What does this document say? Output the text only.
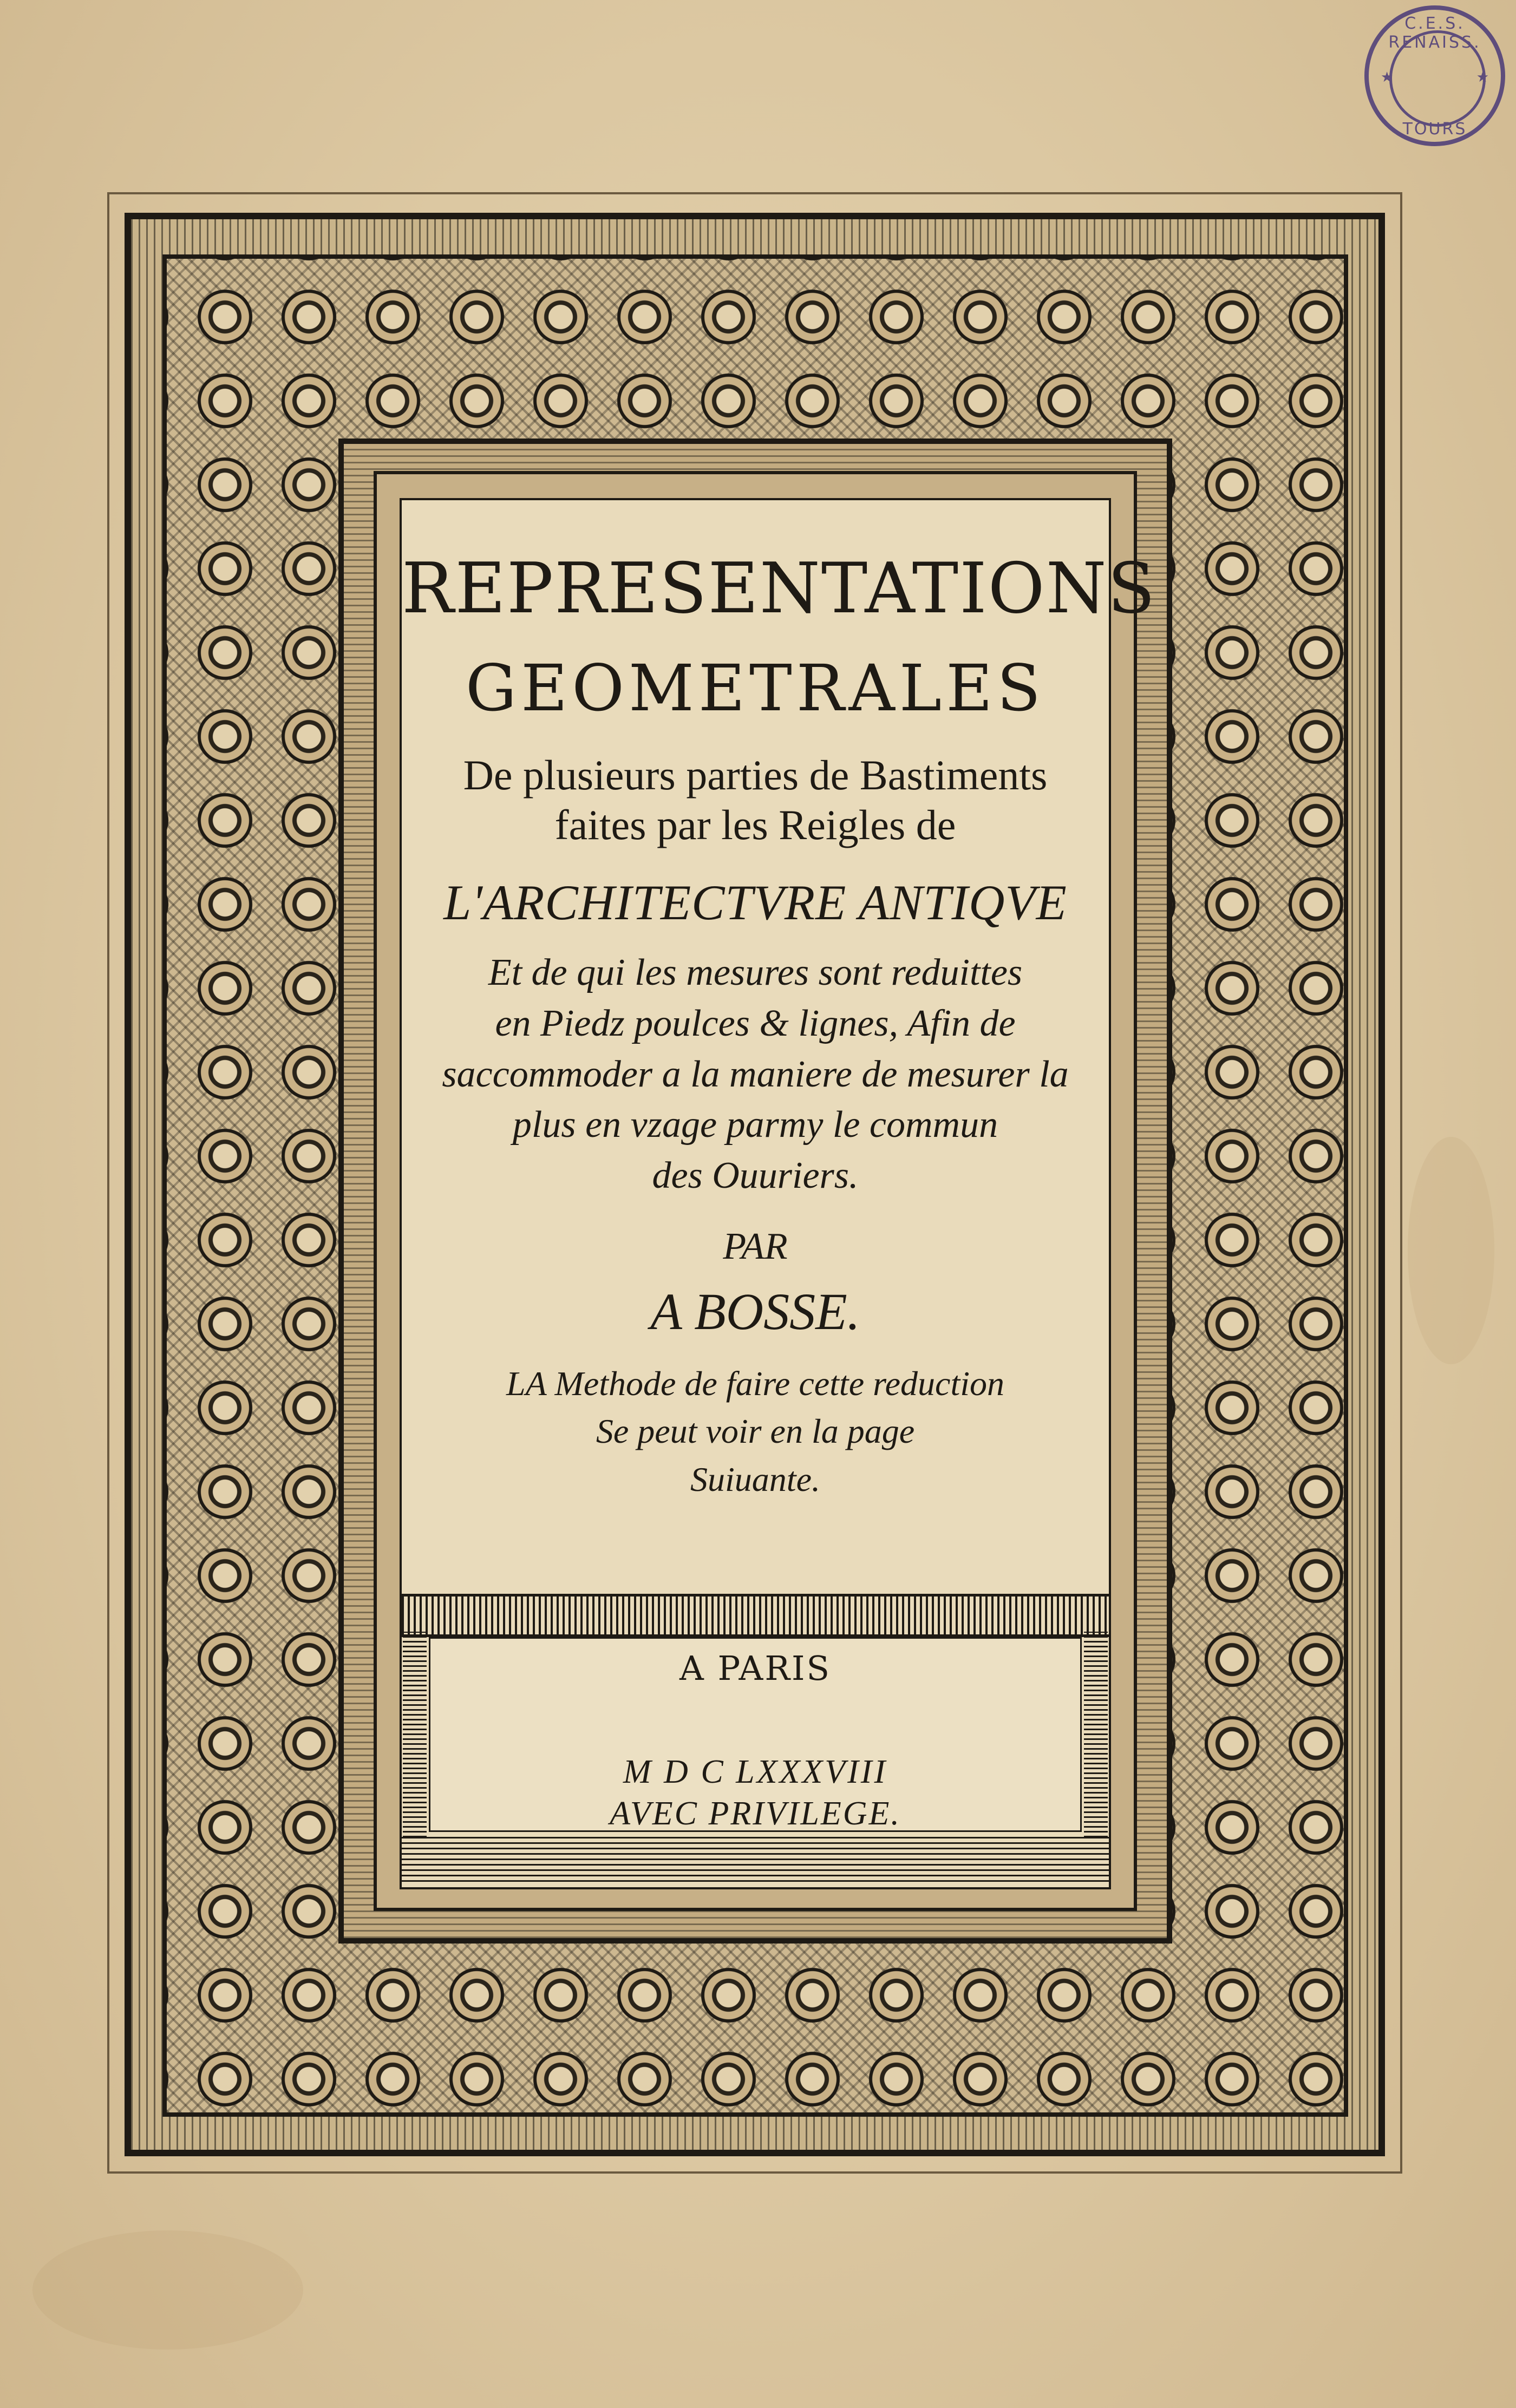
C.E.S. RENAISS.
★	★
TOURS
REPRESENTATIONS
GEOMETRALES
De plusieurs parties de Bastiments
faites par les Reigles de
L'ARCHITECTVRE ANTIQVE
Et de qui les mesures sont reduittes
en Piedz poulces & lignes, Afin de
saccommoder a la maniere de mesurer la
plus en vzage parmy le commun
des Ouuriers.
PAR
A BOSSE.
LA Methode de faire cette reduction
Se peut voir en la page
Suiuante.
A PARIS
M D C LXXXVIII
AVEC PRIVILEGE.
